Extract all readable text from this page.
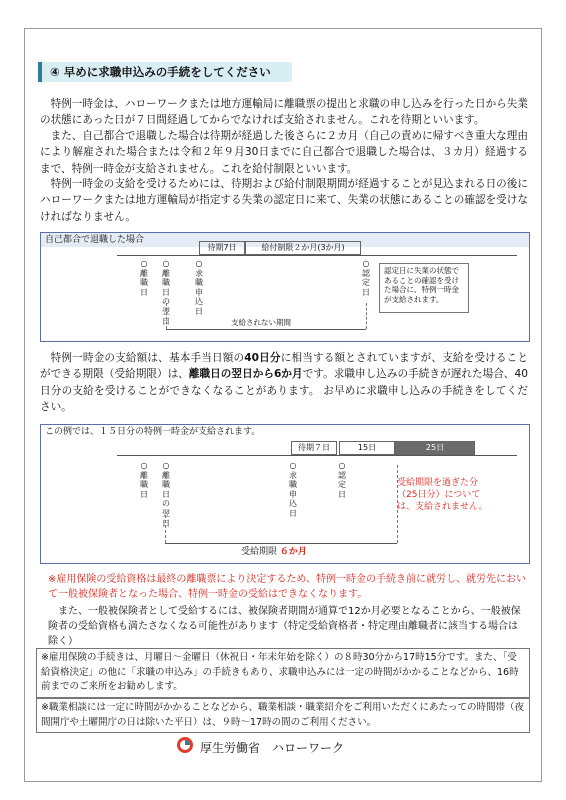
④ 早めに求職申込みの手続をしてください
特例一時金は、ハローワークまたは地方運輸局に離職票の提出と求職の申し込みを行った日から失業の状態にあった日が７日間経過してからでなければ支給されません。これを待期といいます。
また、自己都合で退職した場合は待期が経過した後さらに２カ月（自己の責めに帰すべき重大な理由により解雇された場合または令和２年９月30日までに自己都合で退職した場合は、３カ月）経過するまで、特例一時金が支給されません。これを給付制限といいます。
特例一時金の支給を受けるためには、待期および給付制限期間が経過することが見込まれる日の後にハローワークまたは地方運輸局が指定する失業の認定日に来て、失業の状態にあることの確認を受けなければなりません。
自己都合で退職した場合
待期7日	給付制限２か月(3か月)
○離職日
○離職日の翌日
○求職申込日
○認定日
支給されない期間
認定日に失業の状態であることの確認を受けた場合に、特例一時金が支給されます。
特例一時金の支給額は、基本手当日額の40日分に相当する額とされていますが、支給を受けることができる期限（受給期限）は、離職日の翌日から6か月です。求職申し込みの手続きが遅れた場合、40日分の支給を受けることができなくなることがあります。 お早めに求職申し込みの手続きをしてください。
この例では、１５日分の特例一時金が支給されます。
待期７日	15日	25日
○離職日
○離職日の翌日
○求職申込日
○認定日
受給期限を過ぎた分（25日分）については、支給されません。
受給期限 ６か月
※雇用保険の受給資格は最終の離職票により決定するため、特例一時金の手続き前に就労し、就労先において一般被保険者となった場合、特例一時金の受給はできなくなります。
また、一般被保険者として受給するには、被保険者期間が通算で12か月必要となることから、一般被保険者の受給資格も満たさなくなる可能性があります（特定受給資格者・特定理由離職者に該当する場合は除く）
※雇用保険の手続きは、月曜日～金曜日（休祝日・年末年始を除く）の８時30分から17時15分です。また、「受給資格決定」の他に「求職の申込み」の手続きもあり、求職申込みには一定の時間がかかることなどから、16時前までのご来所をお勧めします。
※職業相談には一定に時間がかかることなどから、職業相談・職業紹介をご利用いただくにあたっての時間帯（夜間開庁や土曜開庁の日は除いた平日）は、９時～17時の間のご利用ください。
厚生労働省　ハローワーク
